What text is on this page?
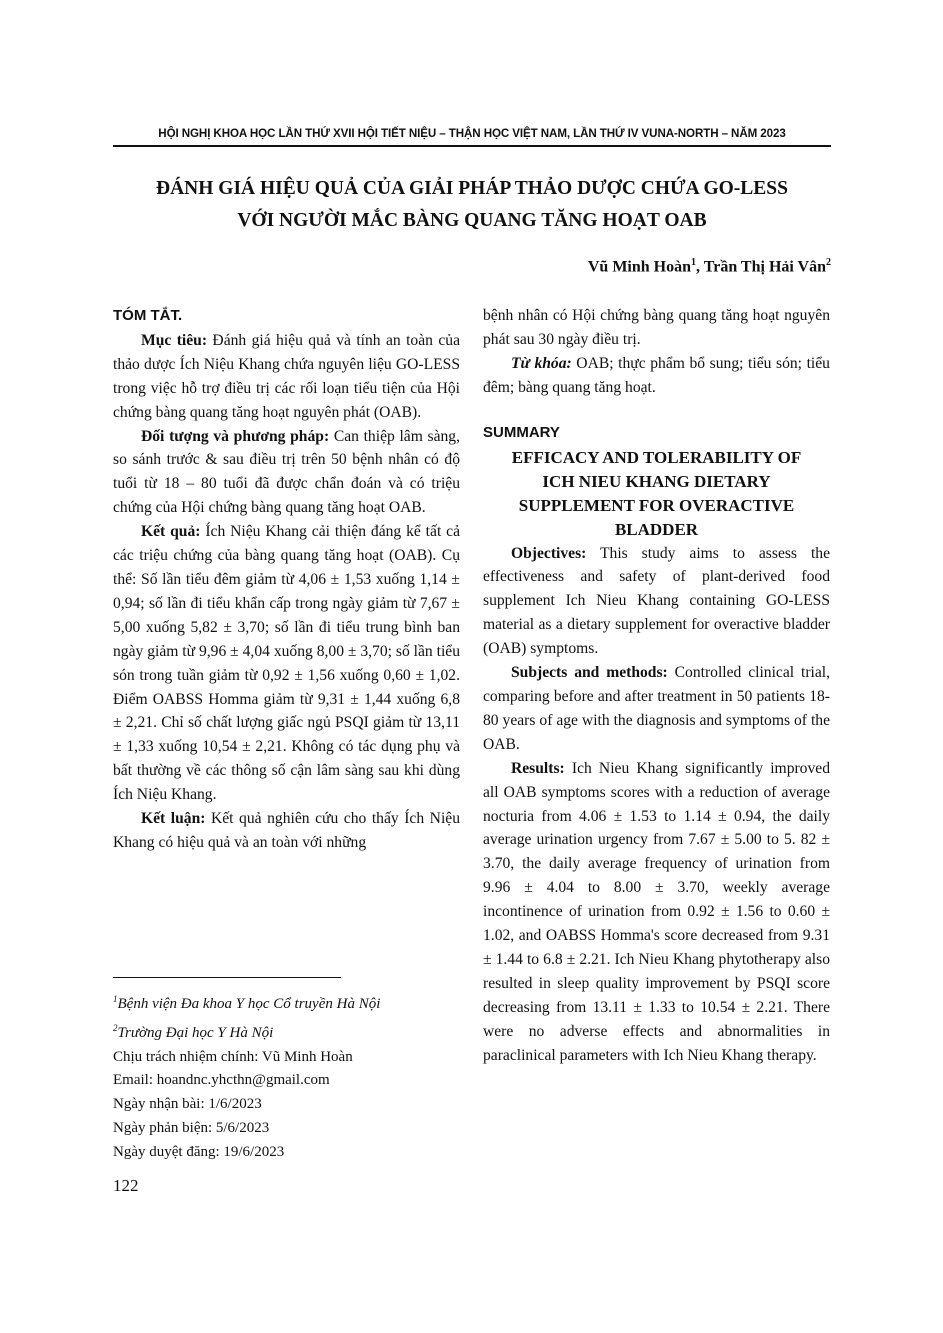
HỘI NGHỊ KHOA HỌC LẦN THỨ XVII HỘI TIẾT NIỆU – THẬN HỌC VIỆT NAM, LẦN THỨ IV VUNA-NORTH – NĂM 2023
ĐÁNH GIÁ HIỆU QUẢ CỦA GIẢI PHÁP THẢO DƯỢC CHỨA GO-LESS
VỚI NGƯỜI MẮC BÀNG QUANG TĂNG HOẠT OAB
Vũ Minh Hoàn$^1$, Trần Thị Hải Vân$^2$
TÓM TẮT.

Mục tiêu: Đánh giá hiệu quả và tính an toàn của thảo dược Ích Niệu Khang chứa nguyên liệu GO-LESS trong việc hỗ trợ điều trị các rối loạn tiểu tiện của Hội chứng bàng quang tăng hoạt nguyên phát (OAB).

Đối tượng và phương pháp: Can thiệp lâm sàng, so sánh trước & sau điều trị trên 50 bệnh nhân có độ tuổi từ 18 – 80 tuổi đã được chẩn đoán và có triệu chứng của Hội chứng bàng quang tăng hoạt OAB.

Kết quả: Ích Niệu Khang cải thiện đáng kể tất cả các triệu chứng của bàng quang tăng hoạt (OAB). Cụ thể: Số lần tiểu đêm giảm từ 4,06 ± 1,53 xuống 1,14 ± 0,94; số lần đi tiểu khẩn cấp trong ngày giảm từ 7,67 ± 5,00 xuống 5,82 ± 3,70; số lần đi tiểu trung bình ban ngày giảm từ 9,96 ± 4,04 xuống 8,00 ± 3,70; số lần tiểu són trong tuần giảm từ 0,92 ± 1,56 xuống 0,60 ± 1,02. Điểm OABSS Homma giảm từ 9,31 ± 1,44 xuống 6,8 ± 2,21. Chỉ số chất lượng giấc ngủ PSQI giảm từ 13,11 ± 1,33 xuống 10,54 ± 2,21. Không có tác dụng phụ và bất thường về các thông số cận lâm sàng sau khi dùng Ích Niệu Khang.

Kết luận: Kết quả nghiên cứu cho thấy Ích Niệu Khang có hiệu quả và an toàn với những

bệnh nhân có Hội chứng bàng quang tăng hoạt nguyên phát sau 30 ngày điều trị.

Từ khóa: OAB; thực phẩm bổ sung; tiểu són; tiểu đêm; bàng quang tăng hoạt.

SUMMARY
EFFICACY AND TOLERABILITY OF
ICH NIEU KHANG DIETARY
SUPPLEMENT FOR OVERACTIVE
BLADDER

Objectives: This study aims to assess the effectiveness and safety of plant-derived food supplement Ich Nieu Khang containing GO-LESS material as a dietary supplement for overactive bladder (OAB) symptoms.

Subjects and methods: Controlled clinical trial, comparing before and after treatment in 50 patients 18-80 years of age with the diagnosis and symptoms of the OAB.

Results: Ich Nieu Khang significantly improved all OAB symptoms scores with a reduction of average nocturia from 4.06 ± 1.53 to 1.14 ± 0.94, the daily average urination urgency from 7.67 ± 5.00 to 5. 82 ± 3.70, the daily average frequency of urination from 9.96 ± 4.04 to 8.00 ± 3.70, weekly average incontinence of urination from 0.92 ± 1.56 to 0.60 ± 1.02, and OABSS Homma's score decreased from 9.31 ± 1.44 to 6.8 ± 2.21. Ich Nieu Khang phytotherapy also resulted in sleep quality improvement by PSQI score decreasing from 13.11 ± 1.33 to 10.54 ± 2.21. There were no adverse effects and abnormalities in paraclinical parameters with Ich Nieu Khang therapy.

$^1$Bệnh viện Đa khoa Y học Cổ truyền Hà Nội
$^2$Trường Đại học Y Hà Nội
Chịu trách nhiệm chính: Vũ Minh Hoàn
Email: hoandnc.yhcthn@gmail.com
Ngày nhận bài: 1/6/2023
Ngày phản biện: 5/6/2023
Ngày duyệt đăng: 19/6/2023
122
